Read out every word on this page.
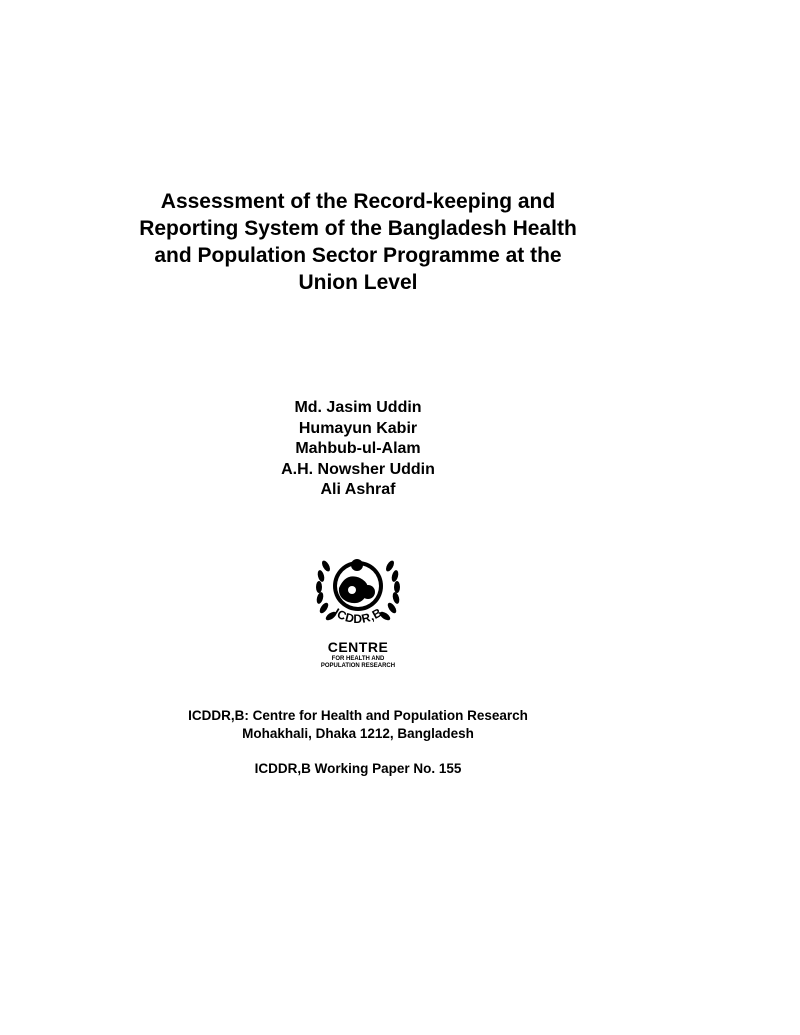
Assessment of the Record-keeping and
Reporting System of the Bangladesh Health
and Population Sector Programme at the
Union Level
Md. Jasim Uddin
Humayun Kabir
Mahbub-ul-Alam
A.H. Nowsher Uddin
Ali Ashraf
ICDDR,B
CENTRE
FOR HEALTH AND
POPULATION RESEARCH
ICDDR,B: Centre for Health and Population Research
Mohakhali, Dhaka 1212, Bangladesh
ICDDR,B Working Paper No. 155
